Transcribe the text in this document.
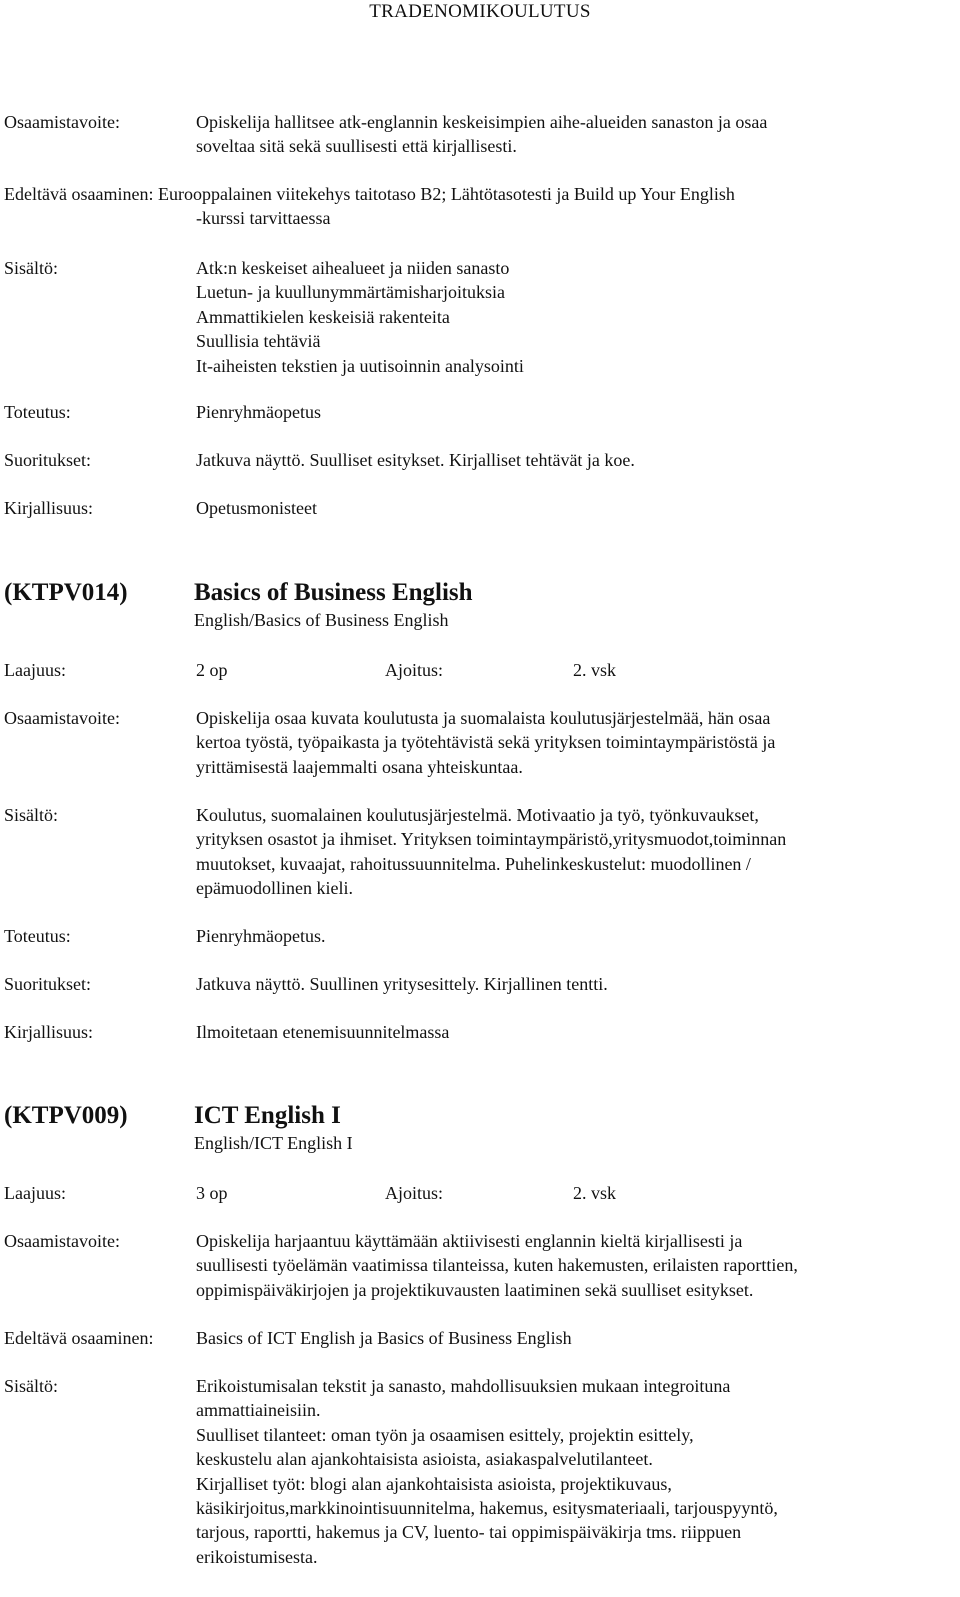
TRADENOMIKOULUTUS
Osaamistavoite:	Opiskelija hallitsee atk-englannin keskeisimpien aihe-alueiden sanaston ja osaa
soveltaa sitä sekä suullisesti että kirjallisesti.
Edeltävä osaaminen: Eurooppalainen viitekehys taitotaso B2; Lähtötasotesti ja Build up Your English
-kurssi tarvittaessa
Sisältö:	Atk:n keskeiset aihealueet ja niiden sanasto
Luetun- ja kuullunymmärtämisharjoituksia
Ammattikielen keskeisiä rakenteita
Suullisia tehtäviä
It-aiheisten tekstien ja uutisoinnin analysointi
Toteutus:	Pienryhmäopetus
Suoritukset:	Jatkuva näyttö. Suulliset esitykset. Kirjalliset tehtävät ja koe.
Kirjallisuus:	Opetusmonisteet
(KTPV014)	Basics of Business English
English/Basics of Business English
Laajuus:	2 op	Ajoitus:	2. vsk
Osaamistavoite:	Opiskelija osaa kuvata koulutusta ja suomalaista koulutusjärjestelmää, hän osaa
kertoa työstä, työpaikasta ja työtehtävistä sekä yrityksen toimintaympäristöstä ja
yrittämisestä laajemmalti osana yhteiskuntaa.
Sisältö:	Koulutus, suomalainen koulutusjärjestelmä. Motivaatio ja työ, työnkuvaukset,
yrityksen osastot ja ihmiset. Yrityksen toimintaympäristö,yritysmuodot,toiminnan
muutokset, kuvaajat, rahoitussuunnitelma. Puhelinkeskustelut: muodollinen /
epämuodollinen kieli.
Toteutus:	Pienryhmäopetus.
Suoritukset:	Jatkuva näyttö. Suullinen yritysesittely. Kirjallinen tentti.
Kirjallisuus:	Ilmoitetaan etenemisuunnitelmassa
(KTPV009)	ICT English I
English/ICT English I
Laajuus:	3 op	Ajoitus:	2. vsk
Osaamistavoite:	Opiskelija harjaantuu käyttämään aktiivisesti englannin kieltä kirjallisesti ja
suullisesti työelämän vaatimissa tilanteissa, kuten hakemusten, erilaisten raporttien,
oppimispäiväkirjojen ja projektikuvausten laatiminen sekä suulliset esitykset.
Edeltävä osaaminen: Basics of ICT English ja Basics of Business English
Sisältö:	Erikoistumisalan tekstit ja sanasto, mahdollisuuksien mukaan integroituna
ammattiaineisiin.
Suulliset tilanteet: oman työn ja osaamisen esittely, projektin esittely,
keskustelu alan ajankohtaisista asioista, asiakaspalvelutilanteet.
Kirjalliset työt: blogi alan ajankohtaisista asioista, projektikuvaus,
käsikirjoitus,markkinointisuunnitelma, hakemus, esitysmateriaali, tarjouspyyntö,
tarjous, raportti, hakemus ja CV, luento- tai oppimispäiväkirja tms. riippuen
erikoistumisesta.
